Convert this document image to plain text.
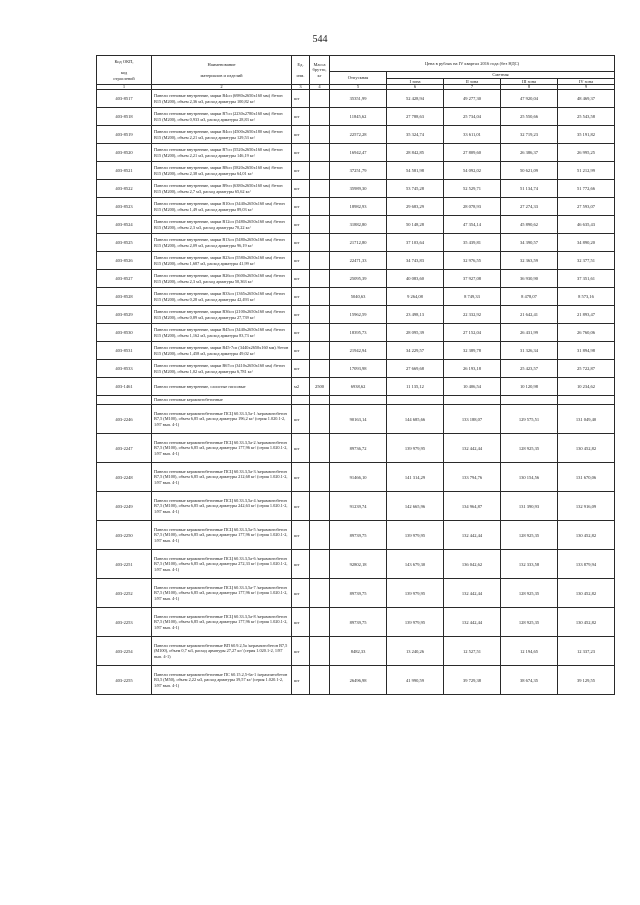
544
Код ОКП,

код
отраслевой	Наименование

материалов и изделий	Ед.

изм.	Масса
брутто,
кг	Цена в рублях на IV квартал 2016 года (без НДС)				
				Отпускная	Сметная			
					I зона	II зона	III зона	IV зона
1	2	3	4	5	6	7	8	9
403-8517	Панели стеновые внутренние, марки В4сп (6980х2650х160 мм) /бетон В15 (М200), объем 2,36 м3, расход арматуры 100,82 кг/	шт		35351,99	52 428,94	49 277,30	47 920,04	48 469,37
403-8518	Панели стеновые внутренние, марки В7сп (2230х2780х160 мм) /бетон В15 (М200), объем 0,933 м3, расход арматуры 28,83 кг/	шт		11845,62	27 788,63	25 734,04	25 550,66	25 543,58
403-8519	Панели стеновые внутренние, марки В4сп (4500х2650х180 мм) /бетон В15 (М200), объем 2,21 м3, расход арматуры 129,53 кг/	шт		22572,28	35 324,74	33 611,01	32 719,23	35 191,82
403-8520	Панели стеновые внутренние, марки В7сп (5520х2650х160 мм) /бетон В15 (М200), объем 2,21 м3, расход арматуры 146,19 кг/	шт		16942,47	28 842,85	27 809,60	26 386,37	26 995,25
403-8521	Панели стеновые внутренние, марки В8сп (5820х2650х160 мм) /бетон В15 (М200), объем 2,38 м3, расход арматуры 64,01 кг/	шт		37251,79	54 581,98	54 092,02	50 621,09	51 212,99
403-8522	Панели стеновые внутренние, марки В9сп (6380х2650х160 мм) /бетон В15 (М200), объем 2,7 м3, расход арматуры 65,62 кг/	шт		35989,30	53 745,28	52 529,71	51 134,74	51 772,66
403-8523	Панели стеновые внутренние, марки В10сп (3440х2650х160 мм) /бетон В15 (М200), объем 1,49 м3, расход арматуры 89,03 кг/	шт		18982,93	29 683,29	28 078,93	27 274,33	27 593,07
403-8524	Панели стеновые внутренние, марки В12сп (5480х2650х160 мм) /бетон В15 (М200), объем 2,3 м3, расход арматуры 70,22 кг/	шт		31882,80	50 148,28	47 354,14	45 890,62	46 635,43
403-8525	Панели стеновые внутренние, марки В13сп (5480х2650х160 мм) /бетон В15 (М200), объем 2,09 м3, расход арматуры 96,19 кг/	шт		21712,80	37 103,64	35 439,81	34 390,57	34 890,20
403-8526	Панели стеновые внутренние, марки В23сп (5580х2650х160 мм) /бетон В15 (М200), объем 1,687 м3, расход арматуры 41,99 кг/	шт		22471,33	34 743,83	32 976,55	32 363,59	32 377,51
403-8527	Панели стеновые внутренние, марки В26сп (5600х2650х160 мм) /бетон В15 (М200), объем 2,3 м3, расход арматуры 50,363 кг/	шт		25095,39	40 083,60	37 927,08	36 930,90	37 351,61
403-8528	Панели стеновые внутренние, марки В33сп (1365х2650х160 мм) /бетон В15 (М200), объем 0,28 м3, расход арматуры 42,493 кг/	шт		5040,63	9 264,08	8 749,33	8 478,07	8 573,16
403-8529	Панели стеновые внутренние, марки В36сп (2100х2650х160 мм) /бетон В15 (М200), объем 0,89 м3, расход арматуры 27,739 кг/	шт		15962,59	23 498,13	22 332,92	21 642,41	21 893,47
403-8530	Панели стеновые внутренние, марки В45сп (3440х2650х160 мм) /бетон В15 (М200), объем 1,162 м3, расход арматуры 83,73 кг/	шт		18395,73	28 095,39	27 152,04	26 431,99	26 760,06
403-8531	Панели стеновые внутренние, марки В45-7сп (3440х2650х160 мм) /бетон В15 (М200), объем 1,458 м3, расход арматуры 49,02 кг/	шт		21942,94	34 229,57	32 389,78	31 326,34	31 894,98
403-8533	Панели стеновые внутренние, марки В67сп (3410х2650х160 мм) /бетон В15 (М200), объем 1,02 м3, расход арматуры 6,781 кг/	шт		17093,98	27 669,68	26 193,18	25 423,57	25 722,87
403-1461	Панели стеновые внутренние, слоистые гипсовые	м2	2500	6938,62	11 135,12	10 406,54	10 120,98	10 234,62
	Панели стеновые керамзитобетонные							
403-2246	Панели стеновые керамзитобетонные ПСЦ 60.33.3,5а-1 /керамзитобетон В7,5 (М100), объем 6,85 м3, расход арматуры 196,2 кг/ (серия 1.020.1-2, 1/87 вып. 4-1)	шт		90163,14	144 685,66	133 188,07	129 575,51	131 049,40
403-2247	Панели стеновые керамзитобетонные ПСЦ 60.33.3,5а-2 /керамзитобетон В7,5 (М100), объем 6,85 м3, расход арматуры 177,96 кг/ (серия 1.020.1-2, 1/87 вып. 4-1)	шт		89736,72	139 979,95	132 442,44	128 925,35	130 452,82
403-2248	Панели стеновые керамзитобетонные ПСЦ 60.33.3,5а-3 /керамзитобетон В7,5 (М100), объем 6,85 м3, расход арматуры 212,68 кг/ (серия 1.020.1-2, 1/87 вып. 4-1)	шт		91466,10	141 314,29	133 794,76	130 154,56	131 670,06
403-2249	Панели стеновые керамзитобетонные ПСЦ 60.33.3,5а-4 /керамзитобетон В7,5 (М100), объем 6,85 м3, расход арматуры 242,63 кг/ (серия 1.020.1-2, 1/87 вып. 4-1)	шт		91239,74	142 665,96	134 964,87	131 390,93	132 916,09
403-2250	Панели стеновые керамзитобетонные ПСЦ 60.33.3,5а-5 /керамзитобетон В7,5 (М100), объем 6,85 м3, расход арматуры 177,96 кг/ (серия 1.020.1-2, 1/87 вып. 4-1)	шт		89739,75	139 979,95	132 442,44	128 925,35	130 452,82
403-2251	Панели стеновые керамзитобетонные ПСЦ 60.33.3,5а-6 /керамзитобетон В7,5 (М100), объем 6,85 м3, расход арматуры 272,33 кг/ (серия 1.020.1-2, 1/87 вып. 4-1)	шт		92802,18	143 679,30	136 042,62	132 333,58	133 879,94
403-2252	Панели стеновые керамзитобетонные ПСЦ 60.33.3,5а-7 /керамзитобетон В7,5 (М100), объем 6,85 м3, расход арматуры 177,96 кг/ (серия 1.020.1-2, 1/87 вып. 4-1)	шт		89739,75	139 979,95	132 442,44	128 925,35	130 452,82
403-2253	Панели стеновые керамзитобетонные ПСЦ 60.33.3,5а-8 /керамзитобетон В7,5 (М100), объем 6,85 м3, расход арматуры 177,96 кг/ (серия 1.020.1-2, 1/87 вып. 4-1)	шт		89739,75	139 979,95	132 442,44	128 925,35	130 452,82
403-2254	Панели стеновые керамзитобетонные ВП 60.9.2,5а /керамзитобетон В7,5 (М100), объем 0,7 м3, расход арматуры 27,27 кг/ (серия 1.020.1-2, 1/87 вып. 4-1)	шт		8482,33	13 240,26	12 527,51	12 194,65	12 337,23
403-2255	Панели стеновые керамзитобетонные ПС 60.15.2,5-6а-1 /керамзитобетон В3,5 (М50), объем 2,22 м3, расход арматуры 39,57 кг/ (серия 1.020.1-2, 1/87 вып. 4-1)	шт		26496,98	41 990,59	39 729,38	38 674,35	39 129,55
